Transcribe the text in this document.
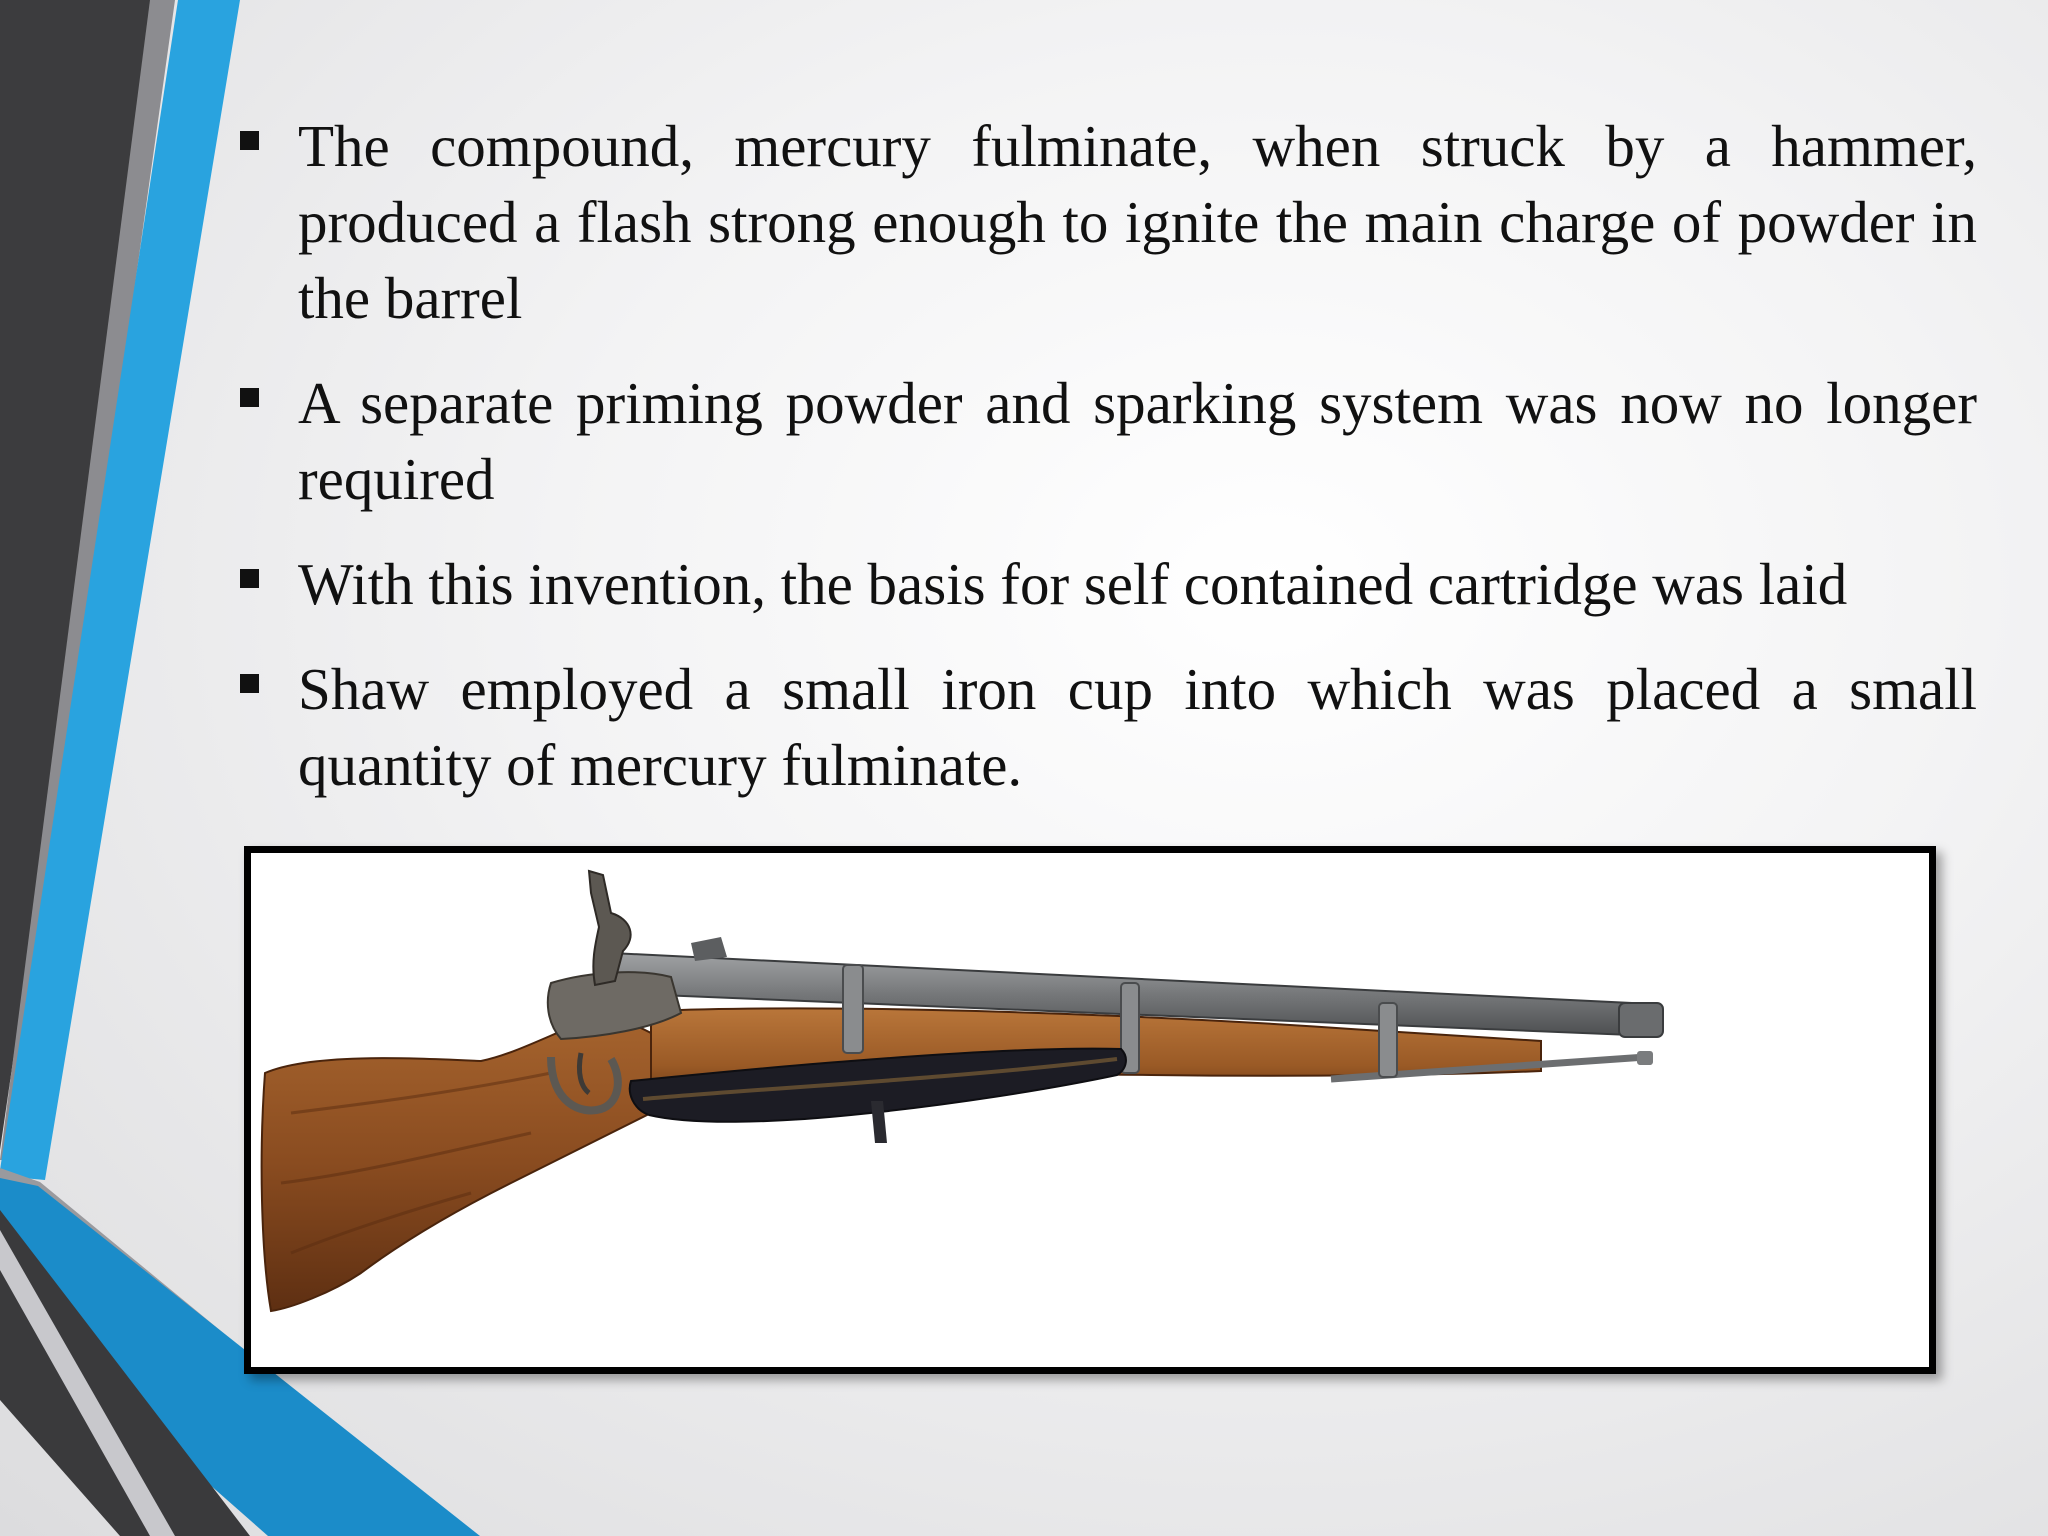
The compound, mercury fulminate, when struck by a hammer, produced a flash strong enough to ignite the main charge of powder in the barrel
A separate priming powder and sparking system was now no longer required
With this invention, the basis for self contained cartridge was laid
Shaw employed a small iron cup into which was placed a small quantity of mercury fulminate.
